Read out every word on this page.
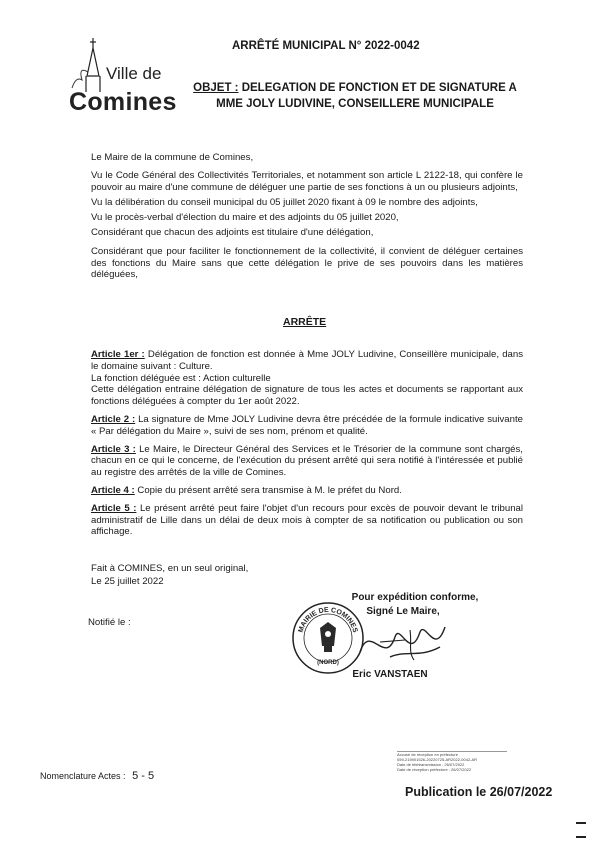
Ville de
Comines
ARRÊTÉ MUNICIPAL N° 2022-0042
OBJET : DELEGATION DE FONCTION ET DE SIGNATURE A
MME JOLY LUDIVINE, CONSEILLERE MUNICIPALE
Le Maire de la commune de Comines,
Vu le Code Général des Collectivités Territoriales, et notamment son article L 2122-18, qui confère le pouvoir au maire d'une commune de déléguer une partie de ses fonctions à un ou plusieurs adjoints,
Vu la délibération du conseil municipal du 05 juillet 2020 fixant à 09 le nombre des adjoints,
Vu le procès-verbal d'élection du maire et des adjoints du 05 juillet 2020,
Considérant que chacun des adjoints est titulaire d'une délégation,
Considérant que pour faciliter le fonctionnement de la collectivité, il convient de déléguer certaines des fonctions du Maire sans que cette délégation le prive de ses pouvoirs dans les matières déléguées,
ARRÊTE
Article 1er : Délégation de fonction est donnée à Mme JOLY Ludivine, Conseillère municipale, dans le domaine suivant : Culture.
La fonction déléguée est : Action culturelle
Cette délégation entraine délégation de signature de tous les actes et documents se rapportant aux fonctions déléguées à compter du 1er août 2022.
Article 2 : La signature de Mme JOLY Ludivine devra être précédée de la formule indicative suivante « Par délégation du Maire », suivi de ses nom, prénom et qualité.
Article 3 : Le Maire, le Directeur Général des Services et le Trésorier de la commune sont chargés, chacun en ce qui le concerne, de l'exécution du présent arrêté qui sera notifié à l'intéressée et publié au registre des arrêtés de la ville de Comines.
Article 4 : Copie du présent arrêté sera transmise à M. le préfet du Nord.
Article 5 : Le présent arrêté peut faire l'objet d'un recours pour excès de pouvoir devant le tribunal administratif de Lille dans un délai de deux mois à compter de sa notification ou publication ou son affichage.
Fait à COMINES, en un seul original,
Le 25 juillet 2022
Notifié le :
Pour expédition conforme,
Signé Le Maire,
MAIRIE DE COMINES
(NORD)
Eric VANSTAEN
Accusé de réception en préfecture
059-215901526-20220725-AR2022-0042-AR
Date de télétransmission : 26/07/2022
Date de réception préfecture : 26/07/2022
Nomenclature Actes : 5 - 5
Publication le 26/07/2022
